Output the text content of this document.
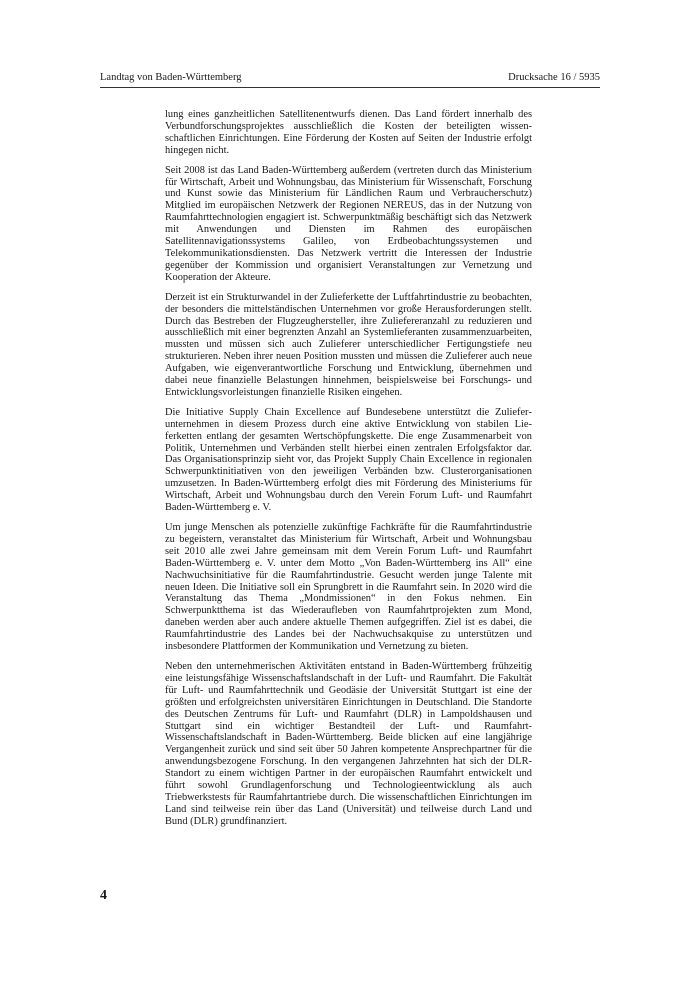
Landtag von Baden-Württemberg	Drucksache 16 / 5935

lung eines ganzheitlichen Satellitenentwurfs dienen. Das Land fördert innerhalb des Verbundforschungsprojektes ausschließlich die Kosten der beteiligten wissenschaftlichen Einrichtungen. Eine Förderung der Kosten auf Seiten der Industrie erfolgt hingegen nicht.

Seit 2008 ist das Land Baden-Württemberg außerdem (vertreten durch das Ministerium für Wirtschaft, Arbeit und Wohnungsbau, das Ministerium für Wissenschaft, Forschung und Kunst sowie das Ministerium für Ländlichen Raum und Verbraucherschutz) Mitglied im europäischen Netzwerk der Regionen NEREUS, das in der Nutzung von Raumfahrttechnologien engagiert ist. Schwerpunktmäßig beschäftigt sich das Netzwerk mit Anwendungen und Diensten im Rahmen des europäischen Satellitennavigationssystems Galileo, von Erdbeobachtungssystemen und Telekommunikationsdiensten. Das Netzwerk vertritt die Interessen der Industrie gegenüber der Kommission und organisiert Veranstaltungen zur Vernetzung und Kooperation der Akteure.

Derzeit ist ein Strukturwandel in der Zulieferkette der Luftfahrtindustrie zu beobachten, der besonders die mittelständischen Unternehmen vor große Herausforderungen stellt. Durch das Bestreben der Flugzeughersteller, ihre Zuliefereranzahl zu reduzieren und ausschließlich mit einer begrenzten Anzahl an Systemlieferanten zusammenzuarbeiten, mussten und müssen sich auch Zulieferer unterschiedlicher Fertigungstiefe neu strukturieren. Neben ihrer neuen Position mussten und müssen die Zulieferer auch neue Aufgaben, wie eigenverantwortliche Forschung und Entwicklung, übernehmen und dabei neue finanzielle Belastungen hinnehmen, beispielsweise bei Forschungs- und Entwicklungsvorleistungen finanzielle Risiken eingehen.

Die Initiative Supply Chain Excellence auf Bundesebene unterstützt die Zulieferunternehmen in diesem Prozess durch eine aktive Entwicklung von stabilen Lieferketten entlang der gesamten Wertschöpfungskette. Die enge Zusammenarbeit von Politik, Unternehmen und Verbänden stellt hierbei einen zentralen Erfolgsfaktor dar. Das Organisationsprinzip sieht vor, das Projekt Supply Chain Excellence in regionalen Schwerpunktinitiativen von den jeweiligen Verbänden bzw. Clusterorganisationen umzusetzen. In Baden-Württemberg erfolgt dies mit Förderung des Ministeriums für Wirtschaft, Arbeit und Wohnungsbau durch den Verein Forum Luft- und Raumfahrt Baden-Württemberg e. V.

Um junge Menschen als potenzielle zukünftige Fachkräfte für die Raumfahrtindustrie zu begeistern, veranstaltet das Ministerium für Wirtschaft, Arbeit und Wohnungsbau seit 2010 alle zwei Jahre gemeinsam mit dem Verein Forum Luft- und Raumfahrt Baden-Württemberg e. V. unter dem Motto „Von Baden-Württemberg ins All“ eine Nachwuchsinitiative für die Raumfahrtindustrie. Gesucht werden junge Talente mit neuen Ideen. Die Initiative soll ein Sprungbrett in die Raumfahrt sein. In 2020 wird die Veranstaltung das Thema „Mondmissionen“ in den Fokus nehmen. Ein Schwerpunktthema ist das Wiederaufleben von Raumfahrtprojekten zum Mond, daneben werden aber auch andere aktuelle Themen aufgegriffen. Ziel ist es dabei, die Raumfahrtindustrie des Landes bei der Nachwuchsakquise zu unterstützen und insbesondere Plattformen der Kommunikation und Vernetzung zu bieten.

Neben den unternehmerischen Aktivitäten entstand in Baden-Württemberg frühzeitig eine leistungsfähige Wissenschaftslandschaft in der Luft- und Raumfahrt. Die Fakultät für Luft- und Raumfahrttechnik und Geodäsie der Universität Stuttgart ist eine der größten und erfolgreichsten universitären Einrichtungen in Deutschland. Die Standorte des Deutschen Zentrums für Luft- und Raumfahrt (DLR) in Lampoldshausen und Stuttgart sind ein wichtiger Bestandteil der Luft- und Raumfahrt-Wissenschaftslandschaft in Baden-Württemberg. Beide blicken auf eine langjährige Vergangenheit zurück und sind seit über 50 Jahren kompetente Ansprechpartner für die anwendungsbezogene Forschung. In den vergangenen Jahrzehnten hat sich der DLR-Standort zu einem wichtigen Partner in der europäischen Raumfahrt entwickelt und führt sowohl Grundlagenforschung und Technologieentwicklung als auch Triebwerkstests für Raumfahrtantriebe durch. Die wissenschaftlichen Einrichtungen im Land sind teilweise rein über das Land (Universität) und teilweise durch Land und Bund (DLR) grundfinanziert.

4
